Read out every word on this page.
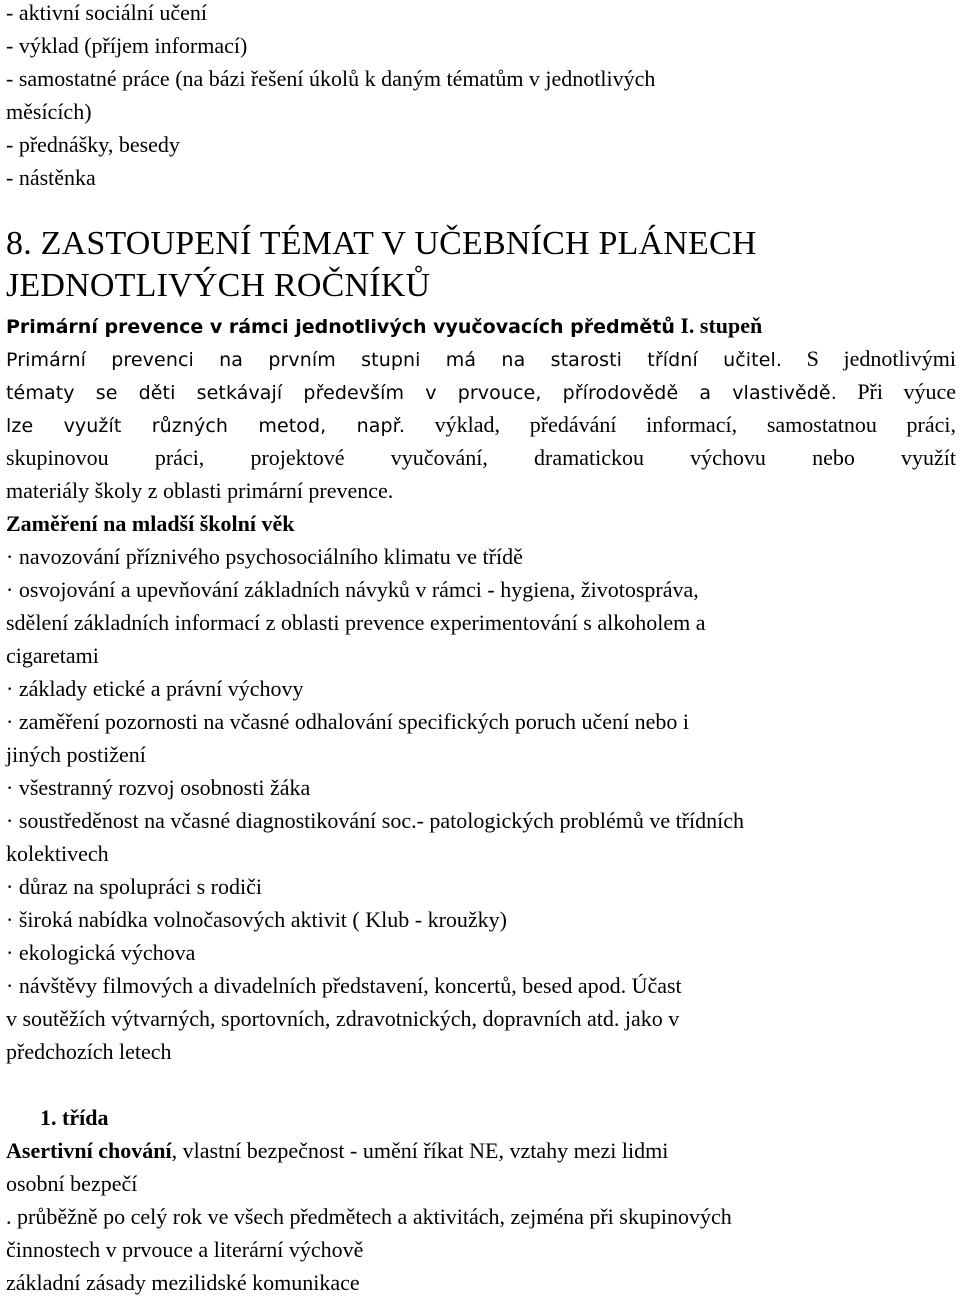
- aktivní sociální učení
- výklad (příjem informací)
- samostatné práce (na bázi řešení úkolů k daným tématům v jednotlivých
měsících)
- přednášky, besedy
- nástěnka
8. ZASTOUPENÍ TÉMAT V UČEBNÍCH PLÁNECH
JEDNOTLIVÝCH ROČNÍKŮ
Primární prevence v rámci jednotlivých vyučovacích předmětů I. stupeň
Primární prevenci na prvním stupni má na starosti třídní učitel. S jednotlivými
tématy se děti setkávají především v prvouce, přírodovědě a vlastivědě. Při výuce
lze využít různých metod, např. výklad, předávání informací, samostatnou práci,
skupinovou práci, projektové vyučování, dramatickou výchovu nebo využít
materiály školy z oblasti primární prevence.
Zaměření na mladší školní věk
· navozování příznivého psychosociálního klimatu ve třídě
· osvojování a upevňování základních návyků v rámci - hygiena, životospráva,
sdělení základních informací z oblasti prevence experimentování s alkoholem a
cigaretami
· základy etické a právní výchovy
· zaměření pozornosti na včasné odhalování specifických poruch učení nebo i
jiných postižení
· všestranný rozvoj osobnosti žáka
· soustředěnost na včasné diagnostikování soc.- patologických problémů ve třídních
kolektivech
· důraz na spolupráci s rodiči
· široká nabídka volnočasových aktivit ( Klub - kroužky)
· ekologická výchova
· návštěvy filmových a divadelních představení, koncertů, besed apod. Účast
v soutěžích výtvarných, sportovních, zdravotnických, dopravních atd. jako v
předchozích letech
1. třída
Asertivní chování, vlastní bezpečnost - umění říkat NE, vztahy mezi lidmi
osobní bezpečí
. průběžně po celý rok ve všech předmětech a aktivitách, zejména při skupinových
činnostech v prvouce a literární výchově
základní zásady mezilidské komunikace
